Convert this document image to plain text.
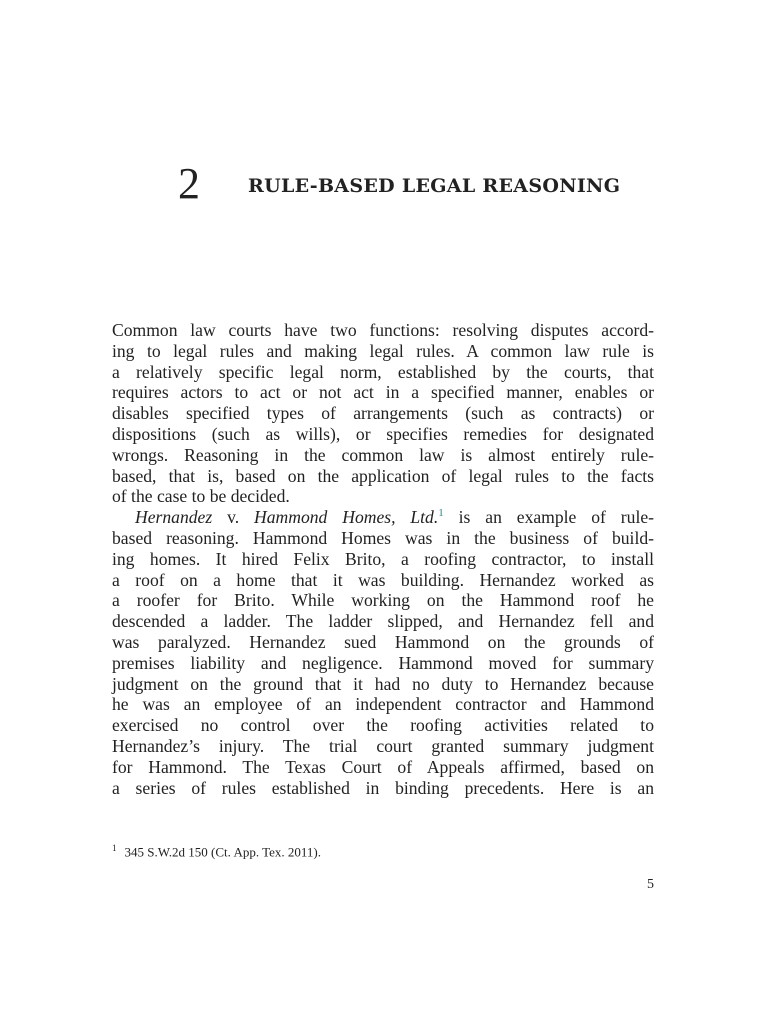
2	RULE-BASED LEGAL REASONING
Common law courts have two functions: resolving disputes accord-
ing to legal rules and making legal rules. A common law rule is
a relatively specific legal norm, established by the courts, that
requires actors to act or not act in a specified manner, enables or
disables specified types of arrangements (such as contracts) or
dispositions (such as wills), or specifies remedies for designated
wrongs. Reasoning in the common law is almost entirely rule-
based, that is, based on the application of legal rules to the facts
of the case to be decided.
Hernandez v. Hammond Homes, Ltd.$^1$ is an example of rule-
based reasoning. Hammond Homes was in the business of build-
ing homes. It hired Felix Brito, a roofing contractor, to install
a roof on a home that it was building. Hernandez worked as
a roofer for Brito. While working on the Hammond roof he
descended a ladder. The ladder slipped, and Hernandez fell and
was paralyzed. Hernandez sued Hammond on the grounds of
premises liability and negligence. Hammond moved for summary
judgment on the ground that it had no duty to Hernandez because
he was an employee of an independent contractor and Hammond
exercised no control over the roofing activities related to
Hernandez’s injury. The trial court granted summary judgment
for Hammond. The Texas Court of Appeals affirmed, based on
a series of rules established in binding precedents. Here is an
$^1$ 345 S.W.2d 150 (Ct. App. Tex. 2011).
5
